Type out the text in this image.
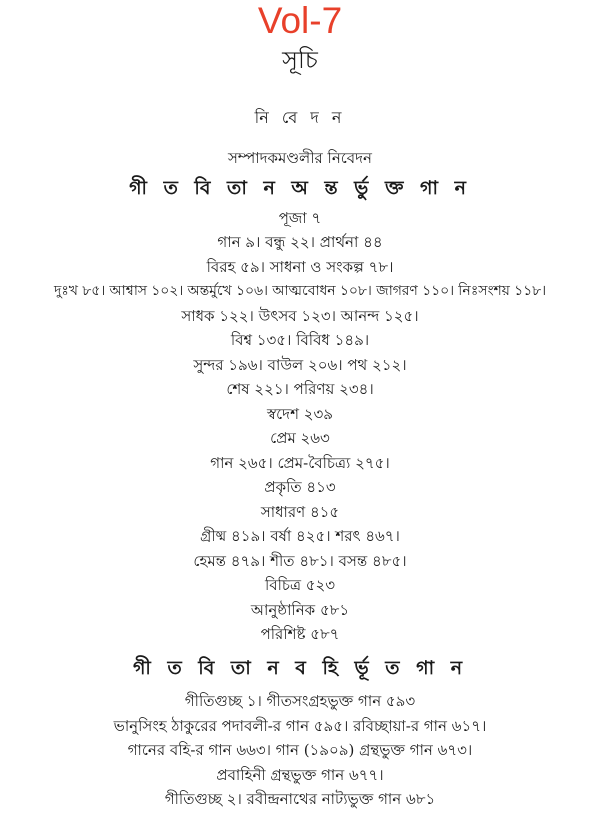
Vol-7
সূচি
নি বে দ ন
সম্পাদকমণ্ডলীর নিবেদন
গী ত বি তা ন অ ন্ত র্ভু ক্ত গা ন
পূজা ৭
গান ৯। বন্ধু ২২। প্রার্থনা ৪৪
বিরহ ৫৯। সাধনা ও সংকল্প ৭৮।
দুঃখ ৮৫। আশ্বাস ১০২। অন্তর্মুখে ১০৬। আত্মবোধন ১০৮। জাগরণ ১১০। নিঃসংশয় ১১৮।
সাধক ১২২। উৎসব ১২৩। আনন্দ ১২৫।
বিশ্ব ১৩৫। বিবিধ ১৪৯।
সুন্দর ১৯৬। বাউল ২০৬। পথ ২১২।
শেষ ২২১। পরিণয় ২৩৪।
স্বদেশ ২৩৯
প্রেম ২৬৩
গান ২৬৫। প্রেম-বৈচিত্র্য ২৭৫।
প্রকৃতি ৪১৩
সাধারণ ৪১৫
গ্রীষ্ম ৪১৯। বর্ষা ৪২৫। শরৎ ৪৬৭।
হেমন্ত ৪৭৯। শীত ৪৮১। বসন্ত ৪৮৫।
বিচিত্র ৫২৩
আনুষ্ঠানিক ৫৮১
পরিশিষ্ট ৫৮৭
গী ত বি তা ন ব হি র্ভূ ত গা ন
গীতিগুচ্ছ ১। গীতসংগ্রহভুক্ত গান ৫৯৩
ভানুসিংহ ঠাকুরের পদাবলী-র গান ৫৯৫। রবিচ্ছায়া-র গান ৬১৭।
গানের বহি-র গান ৬৬৩। গান (১৯০৯) গ্রন্থভুক্ত গান ৬৭৩।
প্রবাহিনী গ্রন্থভুক্ত গান ৬৭৭।
গীতিগুচ্ছ ২। রবীন্দ্রনাথের নাট্যভুক্ত গান ৬৮১
